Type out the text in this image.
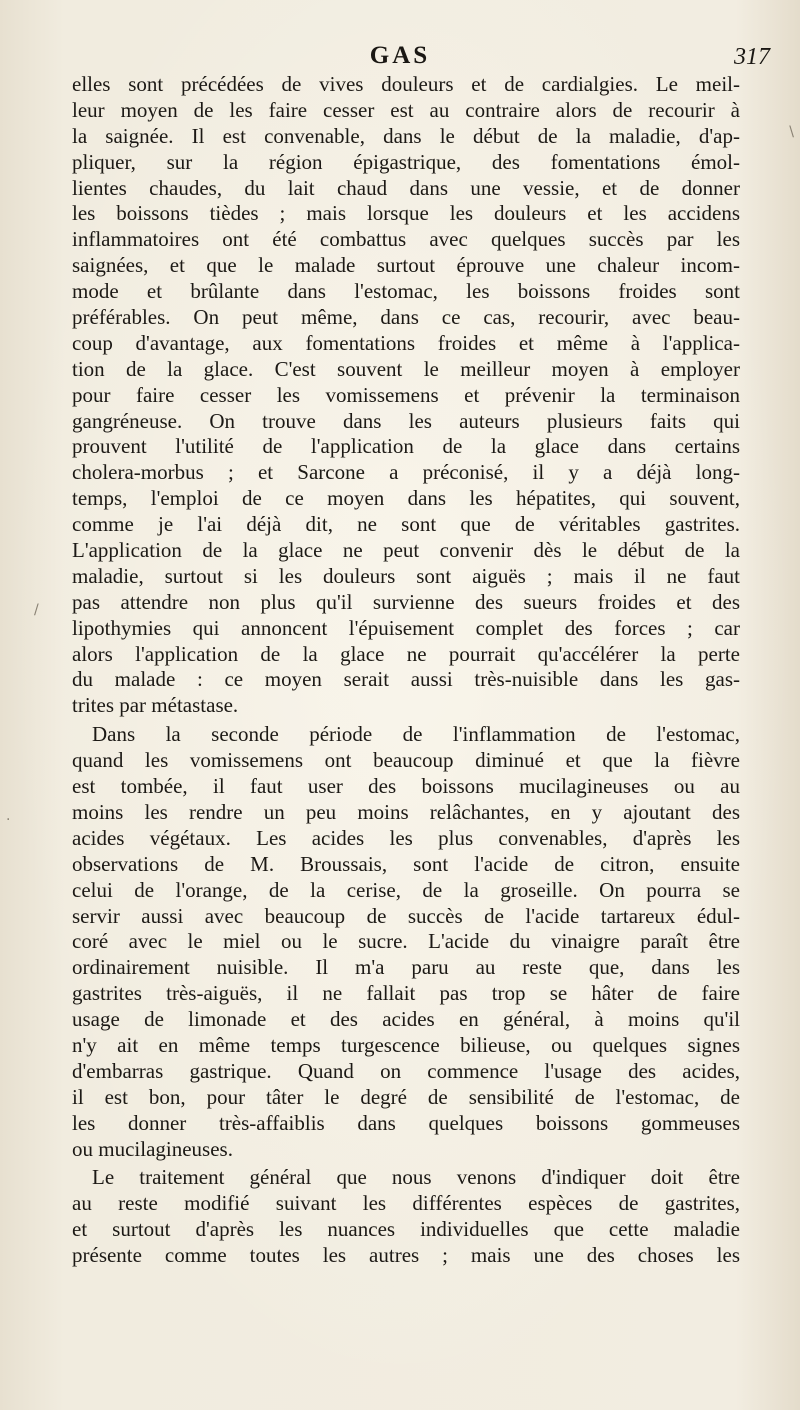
GAS	317
elles sont précédées de vives douleurs et de cardialgies. Le meil-
leur moyen de les faire cesser est au contraire alors de recourir à
la saignée. Il est convenable, dans le début de la maladie, d'ap-
pliquer, sur la région épigastrique, des fomentations émol-
lientes chaudes, du lait chaud dans une vessie, et de donner
les boissons tièdes ; mais lorsque les douleurs et les accidens
inflammatoires ont été combattus avec quelques succès par les
saignées, et que le malade surtout éprouve une chaleur incom-
mode et brûlante dans l'estomac, les boissons froides sont
préférables. On peut même, dans ce cas, recourir, avec beau-
coup d'avantage, aux fomentations froides et même à l'applica-
tion de la glace. C'est souvent le meilleur moyen à employer
pour faire cesser les vomissemens et prévenir la terminaison
gangréneuse. On trouve dans les auteurs plusieurs faits qui
prouvent l'utilité de l'application de la glace dans certains
cholera-morbus ; et Sarcone a préconisé, il y a déjà long-
temps, l'emploi de ce moyen dans les hépatites, qui souvent,
comme je l'ai déjà dit, ne sont que de véritables gastrites.
L'application de la glace ne peut convenir dès le début de la
maladie, surtout si les douleurs sont aiguës ; mais il ne faut
pas attendre non plus qu'il survienne des sueurs froides et des
lipothymies qui annoncent l'épuisement complet des forces ; car
alors l'application de la glace ne pourrait qu'accélérer la perte
du malade : ce moyen serait aussi très-nuisible dans les gas-
trites par métastase.
Dans la seconde période de l'inflammation de l'estomac,
quand les vomissemens ont beaucoup diminué et que la fièvre
est tombée, il faut user des boissons mucilagineuses ou au
moins les rendre un peu moins relâchantes, en y ajoutant des
acides végétaux. Les acides les plus convenables, d'après les
observations de M. Broussais, sont l'acide de citron, ensuite
celui de l'orange, de la cerise, de la groseille. On pourra se
servir aussi avec beaucoup de succès de l'acide tartareux édul-
coré avec le miel ou le sucre. L'acide du vinaigre paraît être
ordinairement nuisible. Il m'a paru au reste que, dans les
gastrites très-aiguës, il ne fallait pas trop se hâter de faire
usage de limonade et des acides en général, à moins qu'il
n'y ait en même temps turgescence bilieuse, ou quelques signes
d'embarras gastrique. Quand on commence l'usage des acides,
il est bon, pour tâter le degré de sensibilité de l'estomac, de
les donner très-affaiblis dans quelques boissons gommeuses
ou mucilagineuses.
Le traitement général que nous venons d'indiquer doit être
au reste modifié suivant les différentes espèces de gastrites,
et surtout d'après les nuances individuelles que cette maladie
présente comme toutes les autres ; mais une des choses les
\
/
·
